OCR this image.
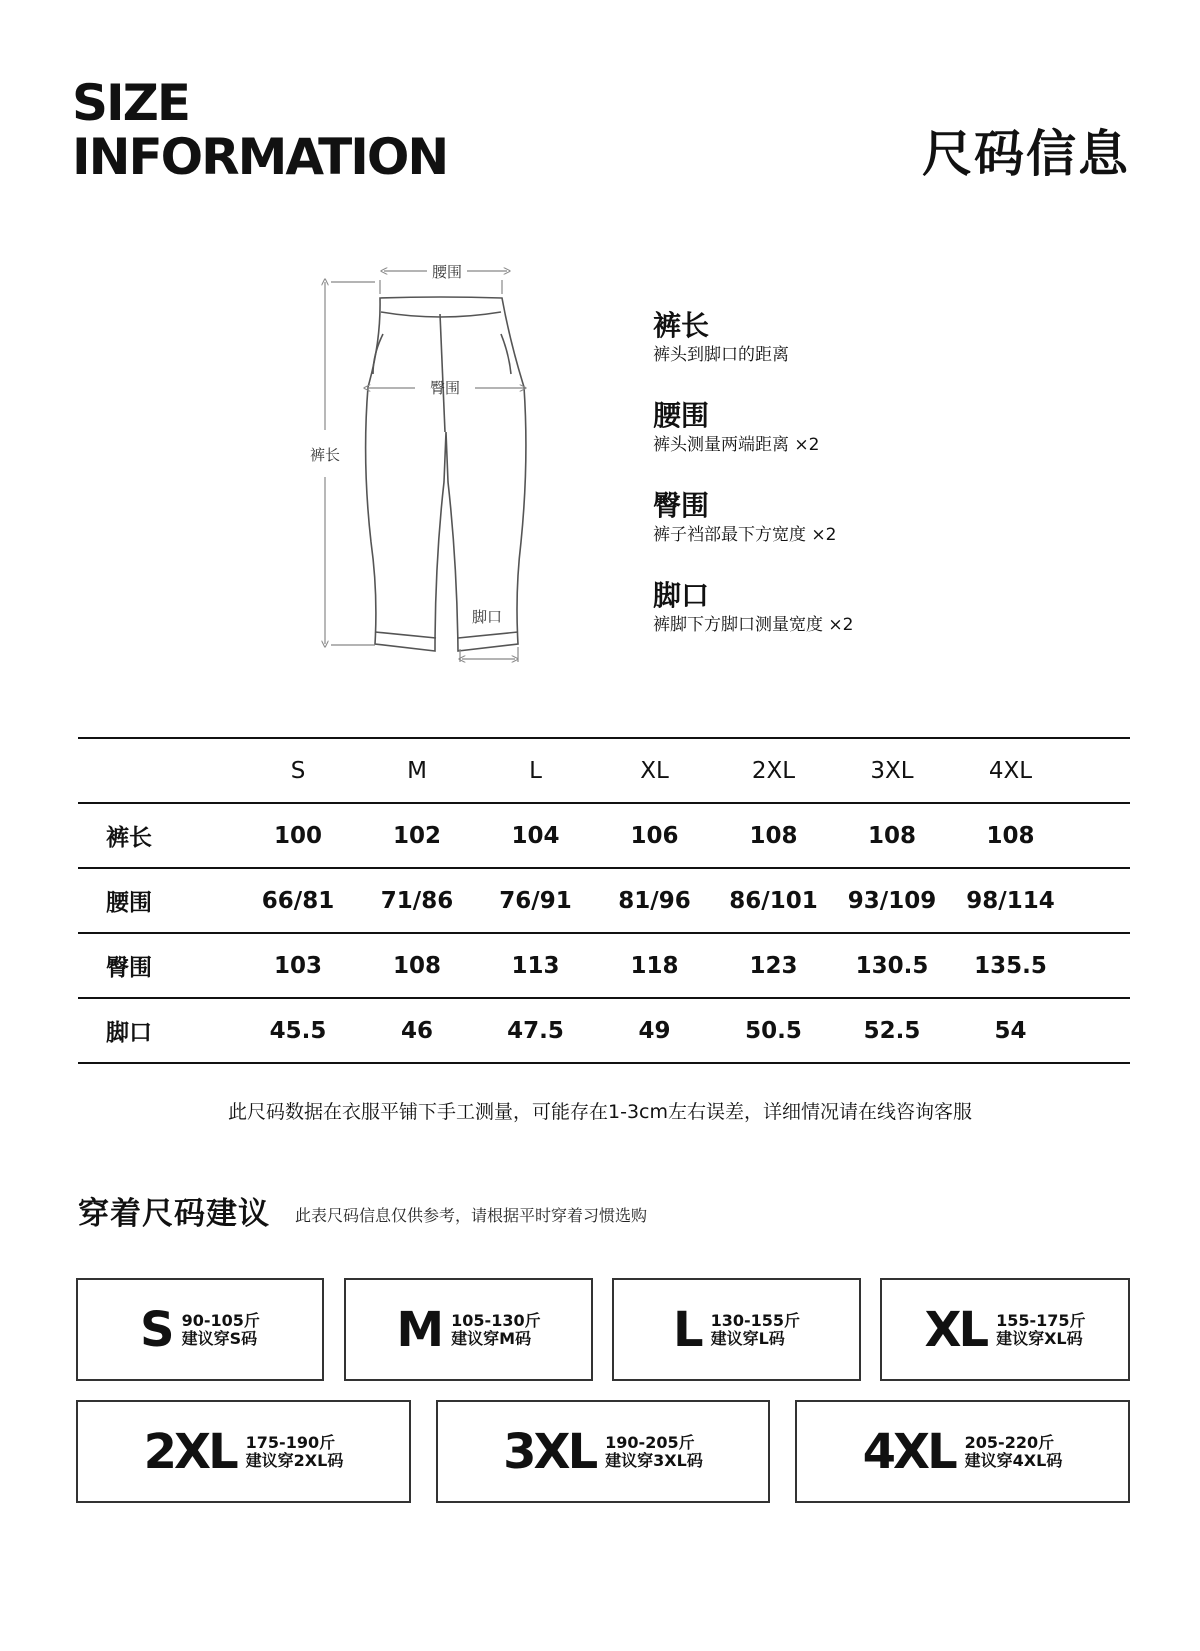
SIZE
INFORMATION	尺码信息
腰围
臀围
裤长
脚口
裤长
裤头到脚口的距离
腰围
裤头测量两端距离 ×2
臀围
裤子裆部最下方宽度 ×2
脚口
裤脚下方脚口测量宽度 ×2
	S	M	L	XL	2XL	3XL	4XL	
裤长	100	102	104	106	108	108	108	
腰围	66/81	71/86	76/91	81/96	86/101	93/109	98/114	
臀围	103	108	113	118	123	130.5	135.5	
脚口	45.5	46	47.5	49	50.5	52.5	54	
此尺码数据在衣服平铺下手工测量，可能存在1-3cm左右误差，详细情况请在线咨询客服
穿着尺码建议 此表尺码信息仅供参考，请根据平时穿着习惯选购
S 90-105斤
建议穿S码	M 105-130斤
建议穿M码	L 130-155斤
建议穿L码	XL 155-175斤
建议穿XL码
2XL 175-190斤
建议穿2XL码	3XL 190-205斤
建议穿3XL码	4XL 205-220斤
建议穿4XL码
